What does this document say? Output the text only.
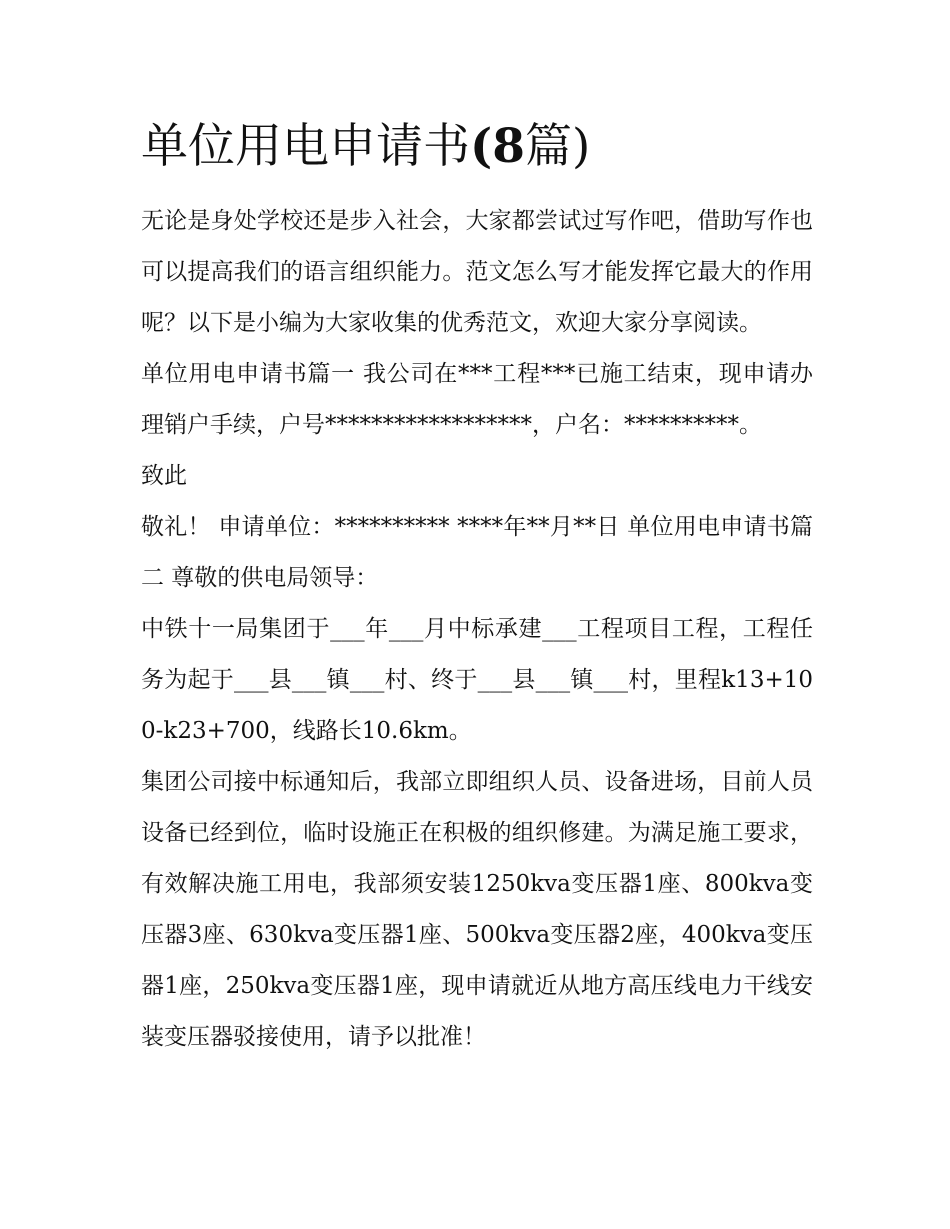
单位用电申请书(8篇)

无论是身处学校还是步入社会，大家都尝试过写作吧，借助写作也可以提高我们的语言组织能力。范文怎么写才能发挥它最大的作用呢？以下是小编为大家收集的优秀范文，欢迎大家分享阅读。

单位用电申请书篇一 我公司在***工程***已施工结束，现申请办理销户手续，户号******************，户名：**********。

致此

敬礼！ 申请单位：********** ****年**月**日 单位用电申请书篇二 尊敬的供电局领导：

中铁十一局集团于___年___月中标承建___工程项目工程，工程任务为起于___县___镇___村、终于___县___镇___村，里程k13+100-k23+700，线路长10.6km。

集团公司接中标通知后，我部立即组织人员、设备进场，目前人员设备已经到位，临时设施正在积极的组织修建。为满足施工要求，有效解决施工用电，我部须安装1250kva变压器1座、800kva变压器3座、630kva变压器1座、500kva变压器2座，400kva变压器1座，250kva变压器1座，现申请就近从地方高压线电力干线安装变压器驳接使用，请予以批准！
